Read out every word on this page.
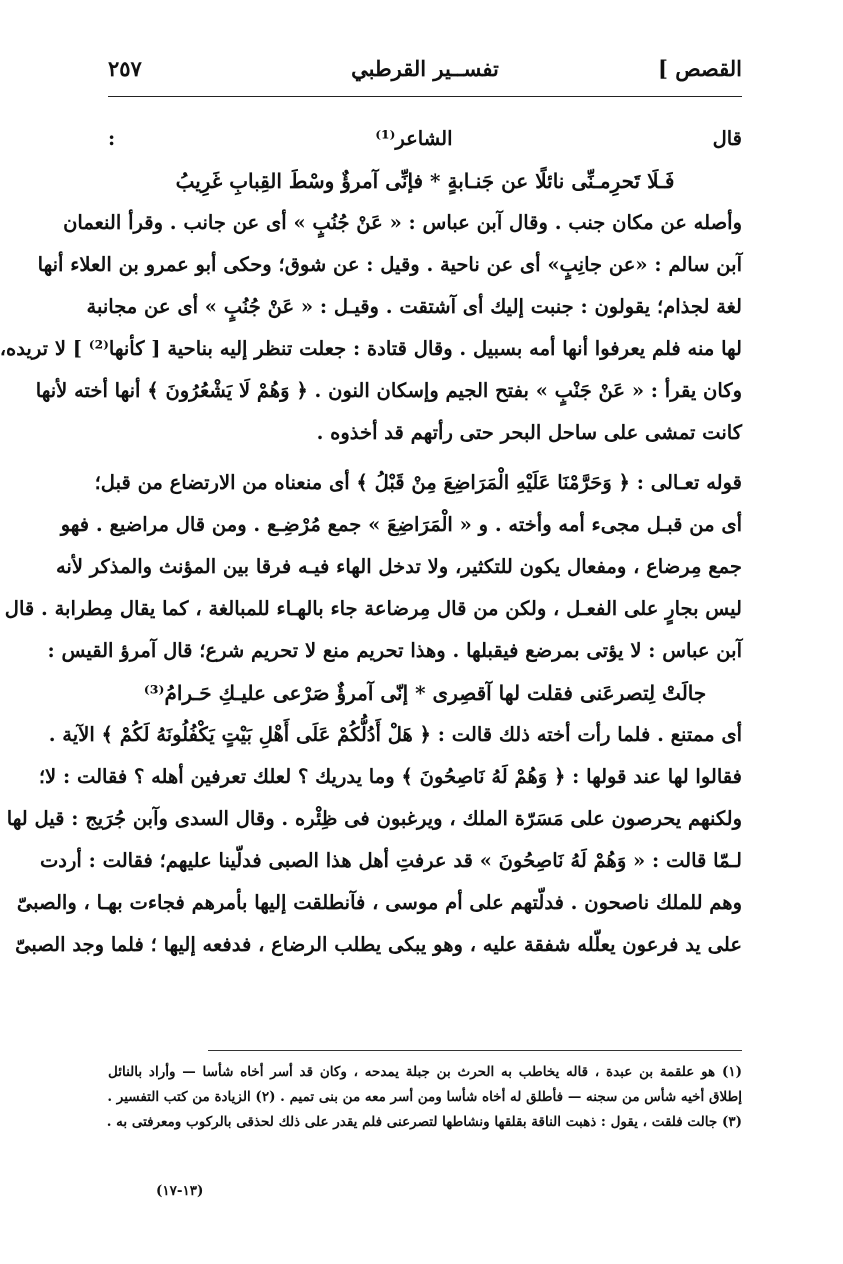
القصص ]
تفســير القرطبي
٢٥٧
قال الشاعر⁽¹⁾ :
فَـلَا تَحرِمـنِّى نائلًا عن جَنـابةٍ * فإنِّى آمرؤٌ وسْطَ القِبابِ غَرِيبُ
وأصله عن مكان جنب . وقال آبن عباس : « عَنْ جُنُبٍ » أى عن جانب . وقرأ النعمان
آبن سالم : «عن جانِبٍ» أى عن ناحية . وقيل : عن شوق؛ وحكى أبو عمرو بن العلاء أنها
لغة لجذام؛ يقولون : جنبت إليك أى آشتقت . وقيـل : « عَنْ جُنُبٍ » أى عن مجانبة
لها منه فلم يعرفوا أنها أمه بسبيل . وقال قتادة : جعلت تنظر إليه بناحية [ كأنها⁽²⁾ ] لا تريده،
وكان يقرأ : « عَنْ جَنْبٍ » بفتح الجيم وإسكان النون . ﴿ وَهُمْ لَا يَشْعُرُونَ ﴾ أنها أخته لأنها
كانت تمشى على ساحل البحر حتى رأتهم قد أخذوه .
قوله تعـالى : ﴿ وَحَرَّمْنَا عَلَيْهِ الْمَرَاضِعَ مِنْ قَبْلُ ﴾ أى منعناه من الارتضاع من قبل؛
أى من قبـل مجىء أمه وأخته . و « الْمَرَاضِعَ » جمع مُرْضِـع . ومن قال مراضيع . فهو
جمع مِرضاع ، ومفعال يكون للتكثير، ولا تدخل الهاء فيـه فرقا بين المؤنث والمذكر لأنه
ليس بجارٍ على الفعـل ، ولكن من قال مِرضاعة جاء بالهـاء للمبالغة ، كما يقال مِطرابة . قال
آبن عباس : لا يؤتى بمرضع فيقبلها . وهذا تحريم منع لا تحريم شرع؛ قال آمرؤ القيس :
جالَتْ لِتصرعَنى فقلت لها آقصِرى * إنّى آمرؤٌ صَرْعى عليـكِ حَـرامُ⁽³⁾
أى ممتنع . فلما رأت أخته ذلك قالت : ﴿ هَلْ أَدُلُّكُمْ عَلَى أَهْلِ بَيْتٍ يَكْفُلُونَهُ لَكُمْ ﴾ الآية .
فقالوا لها عند قولها : ﴿ وَهُمْ لَهُ نَاصِحُونَ ﴾ وما يدريك ؟ لعلك تعرفين أهله ؟ فقالت : لا؛
ولكنهم يحرصون على مَسَرّة الملك ، ويرغبون فى ظِئْره . وقال السدى وآبن جُرَيج : قيل لها
لـمّا قالت : « وَهُمْ لَهُ نَاصِحُونَ » قد عرفتِ أهل هذا الصبى فدلّينا عليهم؛ فقالت : أردت
وهم للملك ناصحون . فدلّتهم على أم موسى ، فآنطلقت إليها بأمرهم فجاءت بهـا ، والصبىّ
على يد فرعون يعلّله شفقة عليه ، وهو يبكى يطلب الرضاع ، فدفعه إليها ؛ فلما وجد الصبىّ
(١) هو علقمة بن عبدة ، قاله يخاطب به الحرث بن جبلة يمدحه ، وكان قد أسر أخاه شأسا — وأراد بالنائل
إطلاق أخيه شأس من سجنه — فأطلق له أخاه شأسا ومن أسر معه من بنى تميم . (٢) الزيادة من كتب التفسير .
(٣) جالت فلقت ، يقول : ذهبت الناقة بقلقها ونشاطها لتصرعنى فلم يقدر على ذلك لحذقى بالركوب ومعرفتى به .
(١٣-١٧)
